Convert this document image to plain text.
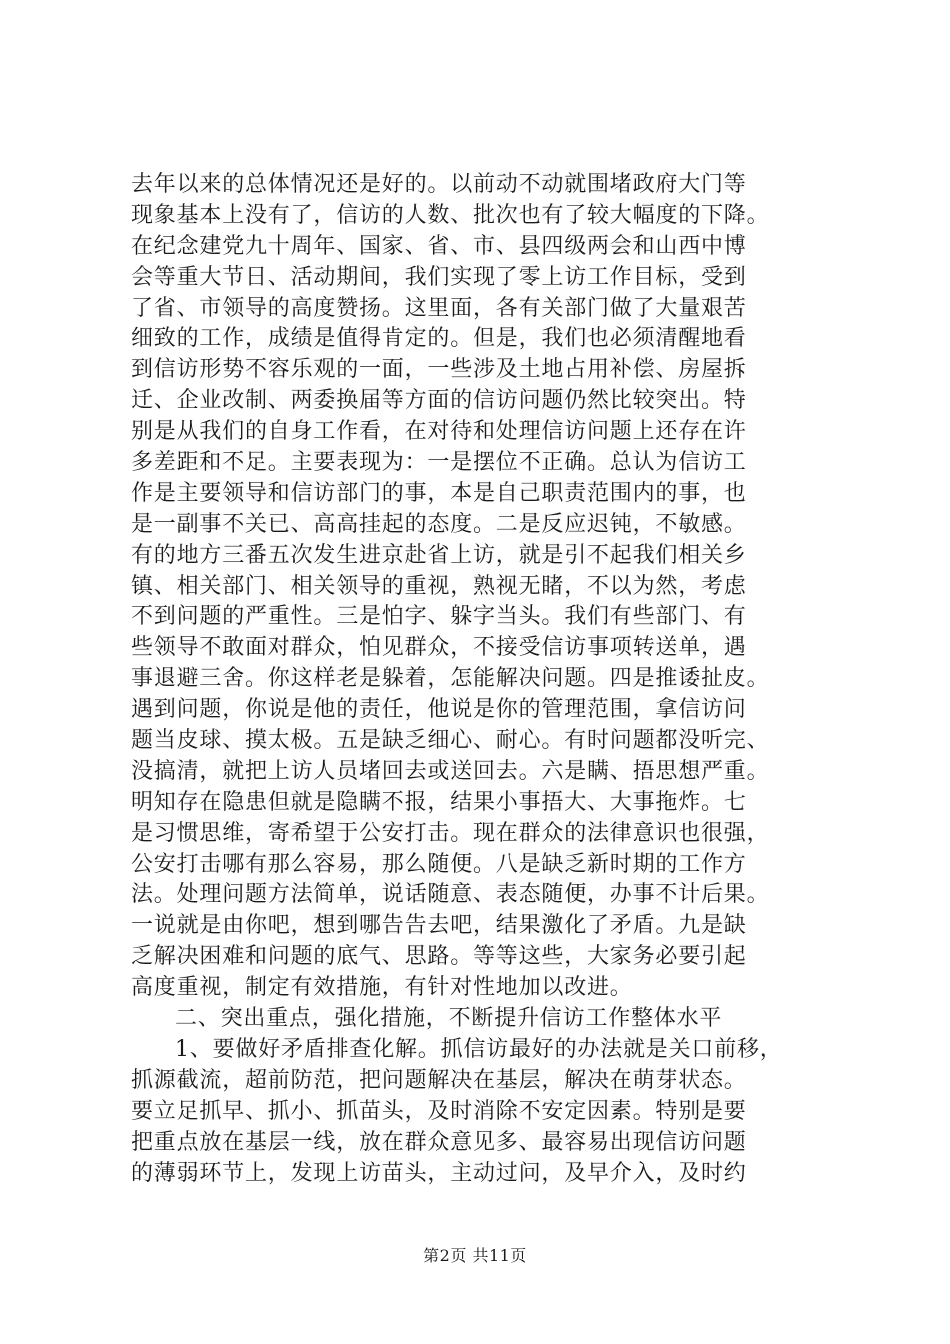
去年以来的总体情况还是好的。以前动不动就围堵政府大门等
现象基本上没有了，信访的人数、批次也有了较大幅度的下降。
在纪念建党九十周年、国家、省、市、县四级两会和山西中博
会等重大节日、活动期间，我们实现了零上访工作目标，受到
了省、市领导的高度赞扬。这里面，各有关部门做了大量艰苦
细致的工作，成绩是值得肯定的。但是，我们也必须清醒地看
到信访形势不容乐观的一面，一些涉及土地占用补偿、房屋拆
迁、企业改制、两委换届等方面的信访问题仍然比较突出。特
别是从我们的自身工作看，在对待和处理信访问题上还存在许
多差距和不足。主要表现为：一是摆位不正确。总认为信访工
作是主要领导和信访部门的事，本是自己职责范围内的事，也
是一副事不关已、高高挂起的态度。二是反应迟钝，不敏感。
有的地方三番五次发生进京赴省上访，就是引不起我们相关乡
镇、相关部门、相关领导的重视，熟视无睹，不以为然，考虑
不到问题的严重性。三是怕字、躲字当头。我们有些部门、有
些领导不敢面对群众，怕见群众，不接受信访事项转送单，遇
事退避三舍。你这样老是躲着，怎能解决问题。四是推诿扯皮。
遇到问题，你说是他的责任，他说是你的管理范围，拿信访问
题当皮球、摸太极。五是缺乏细心、耐心。有时问题都没听完、
没搞清，就把上访人员堵回去或送回去。六是瞒、捂思想严重。
明知存在隐患但就是隐瞒不报，结果小事捂大、大事拖炸。七
是习惯思维，寄希望于公安打击。现在群众的法律意识也很强，
公安打击哪有那么容易，那么随便。八是缺乏新时期的工作方
法。处理问题方法简单，说话随意、表态随便，办事不计后果。
一说就是由你吧，想到哪告告去吧，结果激化了矛盾。九是缺
乏解决困难和问题的底气、思路。等等这些，大家务必要引起
高度重视，制定有效措施，有针对性地加以改进。
二、突出重点，强化措施，不断提升信访工作整体水平
1、要做好矛盾排查化解。抓信访最好的办法就是关口前移，
抓源截流，超前防范，把问题解决在基层，解决在萌芽状态。
要立足抓早、抓小、抓苗头，及时消除不安定因素。特别是要
把重点放在基层一线，放在群众意见多、最容易出现信访问题
的薄弱环节上，发现上访苗头，主动过问，及早介入，及时约
第2页 共11页
